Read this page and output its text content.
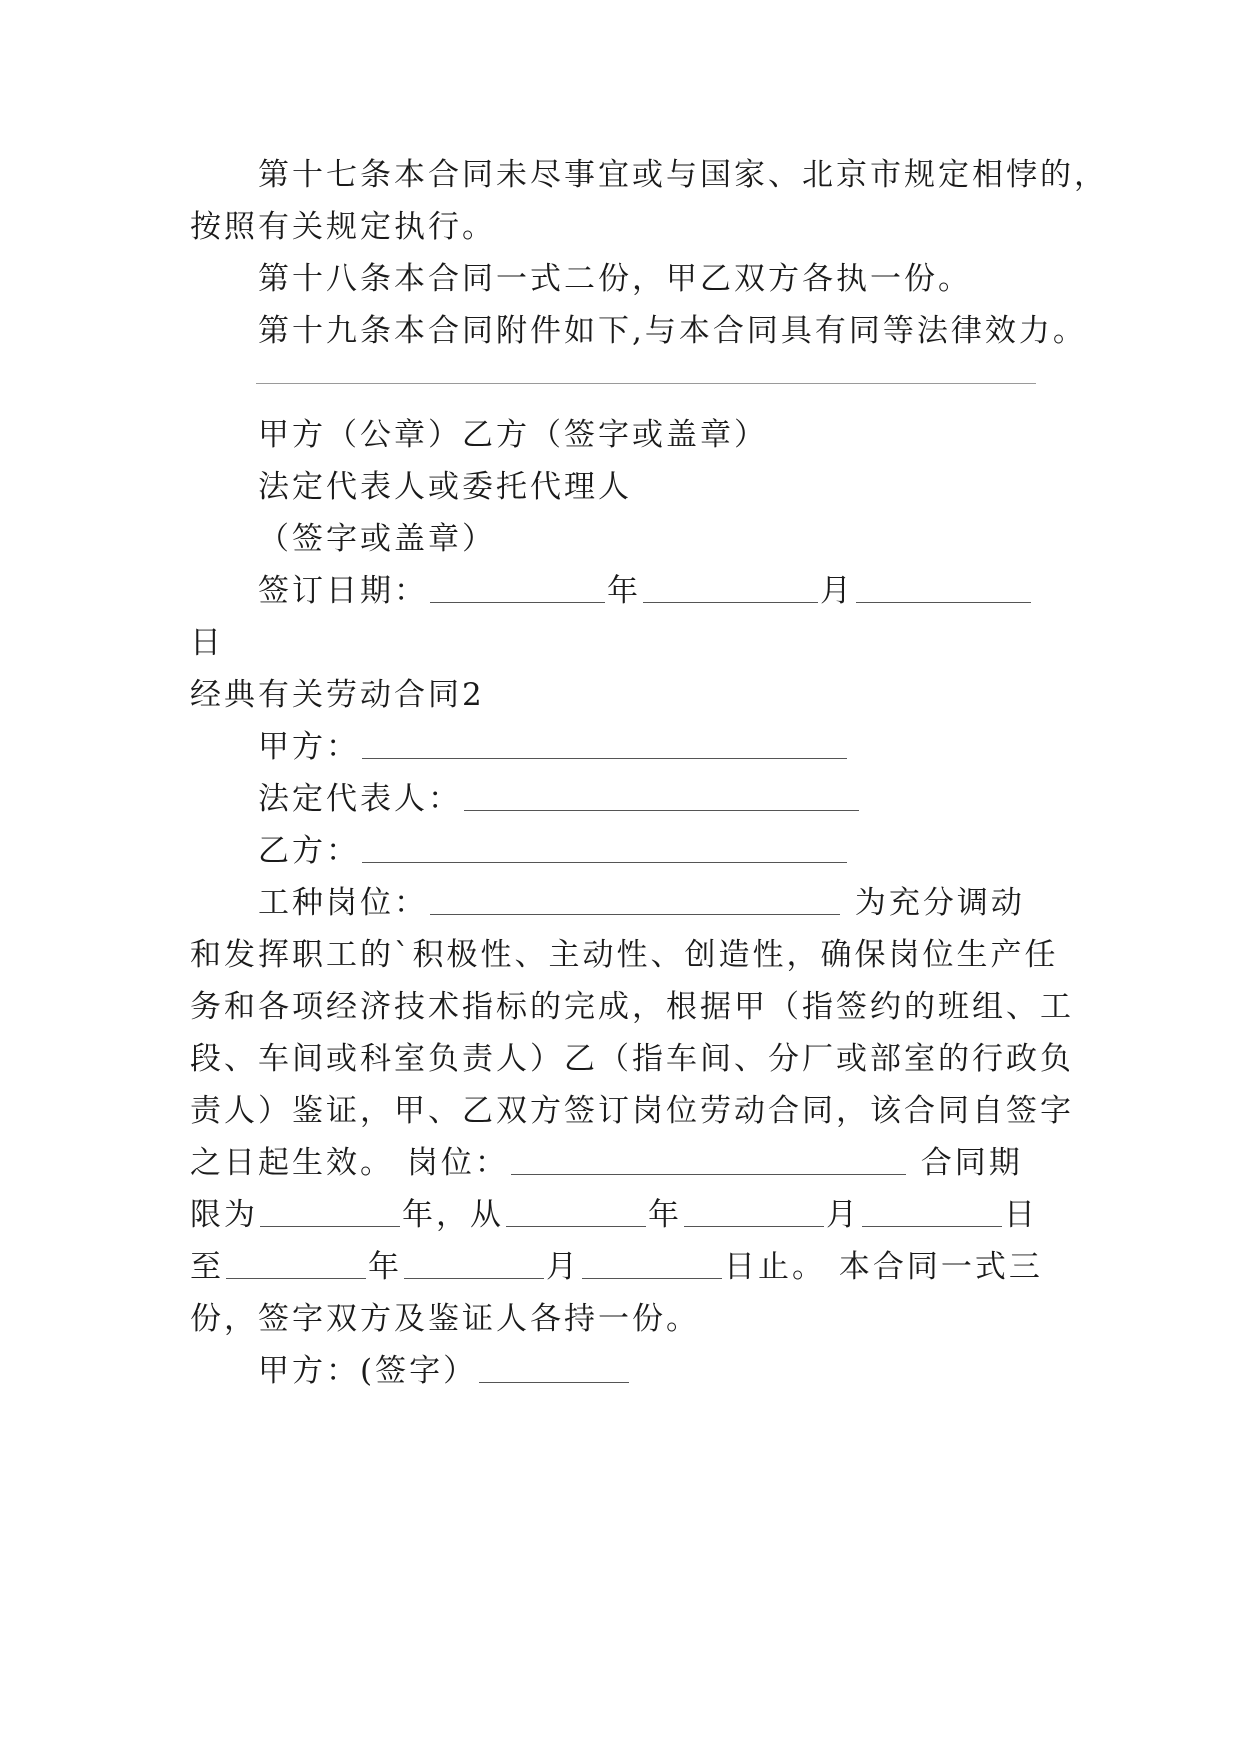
第十七条本合同未尽事宜或与国家、北京市规定相悖的，
按照有关规定执行。
第十八条本合同一式二份，甲乙双方各执一份。
第十九条本合同附件如下,与本合同具有同等法律效力。
甲方（公章）乙方（签字或盖章）
法定代表人或委托代理人
（签字或盖章）
签订日期：	年	月
日
经典有关劳动合同2
甲方：
法定代表人：
乙方：
工种岗位：	为充分调动
和发挥职工的`积极性、主动性、创造性，确保岗位生产任
务和各项经济技术指标的完成，根据甲（指签约的班组、工
段、车间或科室负责人）乙（指车间、分厂或部室的行政负
责人）鉴证，甲、乙双方签订岗位劳动合同，该合同自签字
之日起生效。 岗位：	合同期
限为	年，从	年	月	日
至	年	月	日止。 本合同一式三
份，签字双方及鉴证人各持一份。
甲方：(签字）
